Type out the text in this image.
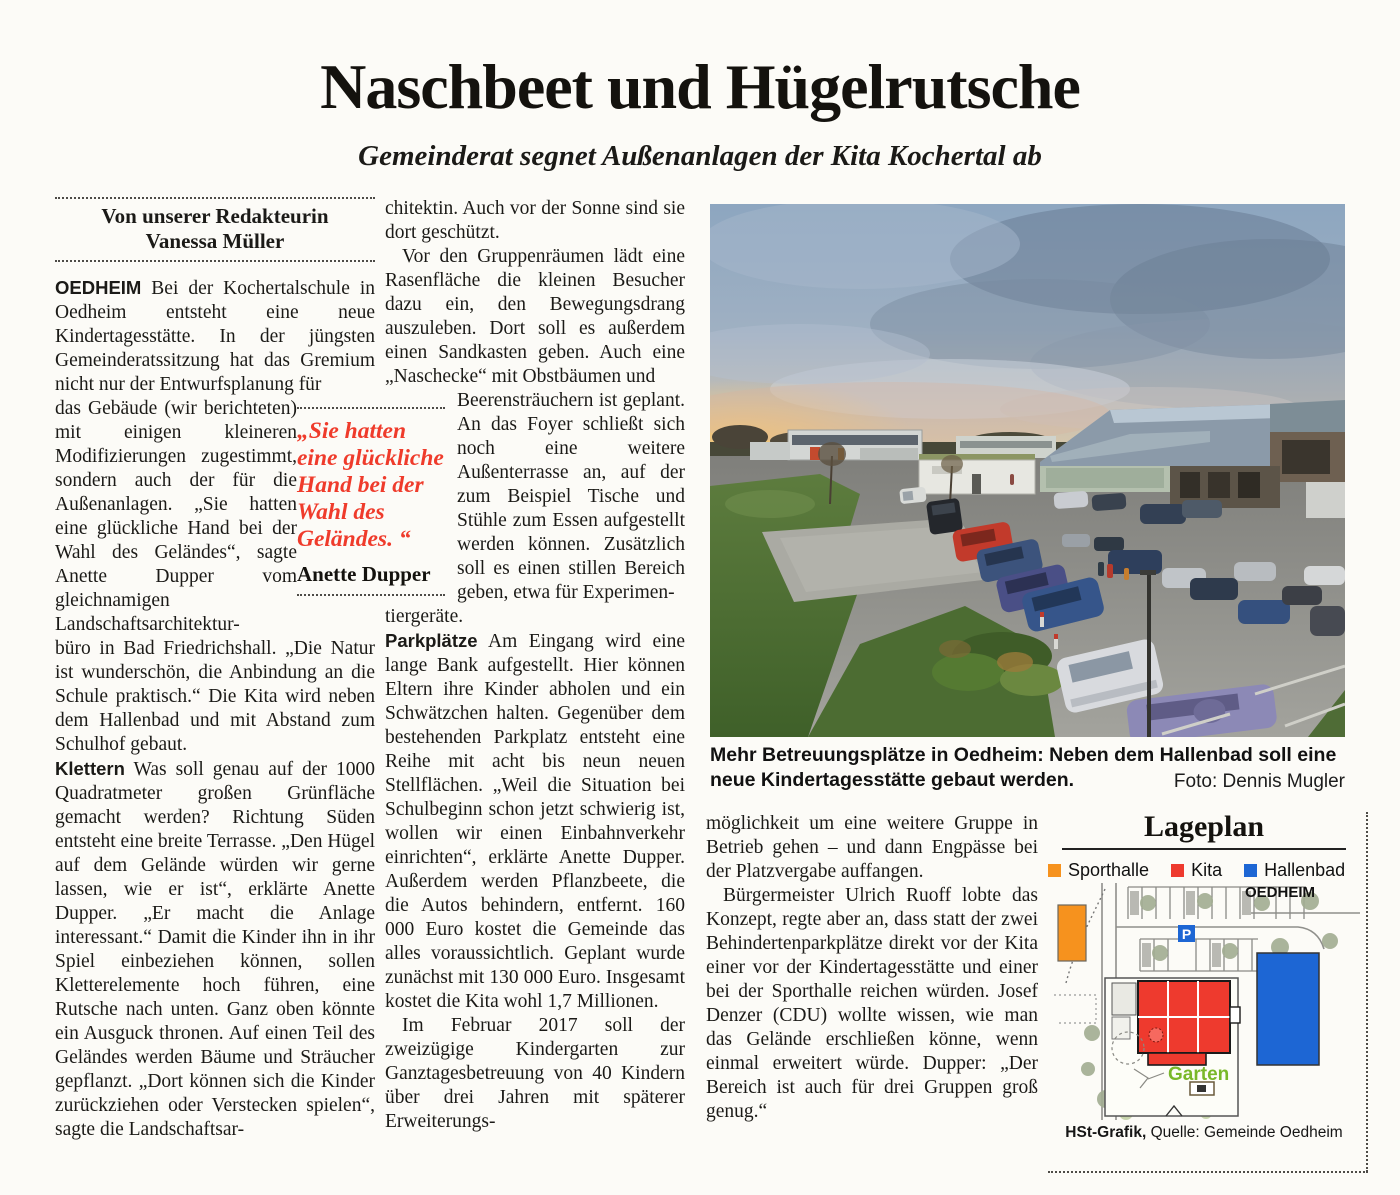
Naschbeet und Hügelrutsche
Gemeinderat segnet Außenanlagen der Kita Kochertal ab
Von unserer Redakteurin
Vanessa Müller
OEDHEIM Bei der Kochertalschule in Oedheim entsteht eine neue Kindertagesstätte. In der jüngsten Gemeinderatssitzung hat das Gremium nicht nur der Entwurfsplanung für
das Gebäude (wir berichteten) mit einigen kleineren Modifizierungen zugestimmt, sondern auch der für die Außenanlagen. „Sie hatten eine glückliche Hand bei der Wahl des Geländes“, sagte Anette Dupper vom gleichnamigen Landschaftsarchitektur-
büro in Bad Friedrichshall. „Die Natur ist wunderschön, die Anbindung an die Schule praktisch.“ Die Kita wird neben dem Hallenbad und mit Abstand zum Schulhof gebaut.
Klettern Was soll genau auf der 1000 Quadratmeter großen Grünfläche gemacht werden? Richtung Süden entsteht eine breite Terrasse. „Den Hügel auf dem Gelände würden wir gerne lassen, wie er ist“, erklärte Anette Dupper. „Er macht die Anlage interessant.“ Damit die Kinder ihn in ihr Spiel einbeziehen können, sollen Kletterelemente hoch führen, eine Rutsche nach unten. Ganz oben könnte ein Ausguck thronen. Auf einen Teil des Geländes werden Bäume und Sträucher gepflanzt. „Dort können sich die Kinder zurückziehen oder Verstecken spielen“, sagte die Landschaftsar-
chitektin. Auch vor der Sonne sind sie dort geschützt.
Vor den Gruppenräumen lädt eine Rasenfläche die kleinen Besucher dazu ein, den Bewegungsdrang auszuleben. Dort soll es außerdem einen Sandkasten geben. Auch eine „Naschecke“ mit Obstbäumen und
Beerensträuchern ist geplant. An das Foyer schließt sich noch eine weitere Außenterrasse an, auf der zum Beispiel Tische und Stühle zum Essen aufgestellt werden können. Zusätzlich soll es einen stillen Bereich geben, etwa für Experimen-
tiergeräte.
Parkplätze Am Eingang wird eine lange Bank aufgestellt. Hier können Eltern ihre Kinder abholen und ein Schwätzchen halten. Gegenüber dem bestehenden Parkplatz entsteht eine Reihe mit acht bis neun neuen Stellflächen. „Weil die Situation bei Schulbeginn schon jetzt schwierig ist, wollen wir einen Einbahnverkehr einrichten“, erklärte Anette Dupper. Außerdem werden Pflanzbeete, die die Autos behindern, entfernt. 160 000 Euro kostet die Gemeinde das alles voraussichtlich. Geplant wurde zunächst mit 130 000 Euro. Insgesamt kostet die Kita wohl 1,7 Millionen.
Im Februar 2017 soll der zweizügige Kindergarten zur Ganztagesbetreuung von 40 Kindern über drei Jahren mit späterer Erweiterungs-
„Sie hatten eine glückliche Hand bei der Wahl des Geländes. “
Anette Dupper
Mehr Betreuungsplätze in Oedheim: Neben dem Hallenbad soll eine neue Kindertagesstätte gebaut werden.	Foto: Dennis Mugler
möglichkeit um eine weitere Gruppe in Betrieb gehen – und dann Engpässe bei der Platzvergabe auffangen.
Bürgermeister Ulrich Ruoff lobte das Konzept, regte aber an, dass statt der zwei Behindertenparkplätze direkt vor der Kita einer vor der Kindertagesstätte und einer bei der Sporthalle reichen würden. Josef Denzer (CDU) wollte wissen, wie man das Gelände erschließen könne, wenn einmal erweitert würde. Dupper: „Der Bereich ist auch für drei Gruppen groß genug.“
Lageplan
Sporthalle Kita Hallenbad
P
OEDHEIM
Garten
HSt-Grafik, Quelle: Gemeinde Oedheim
